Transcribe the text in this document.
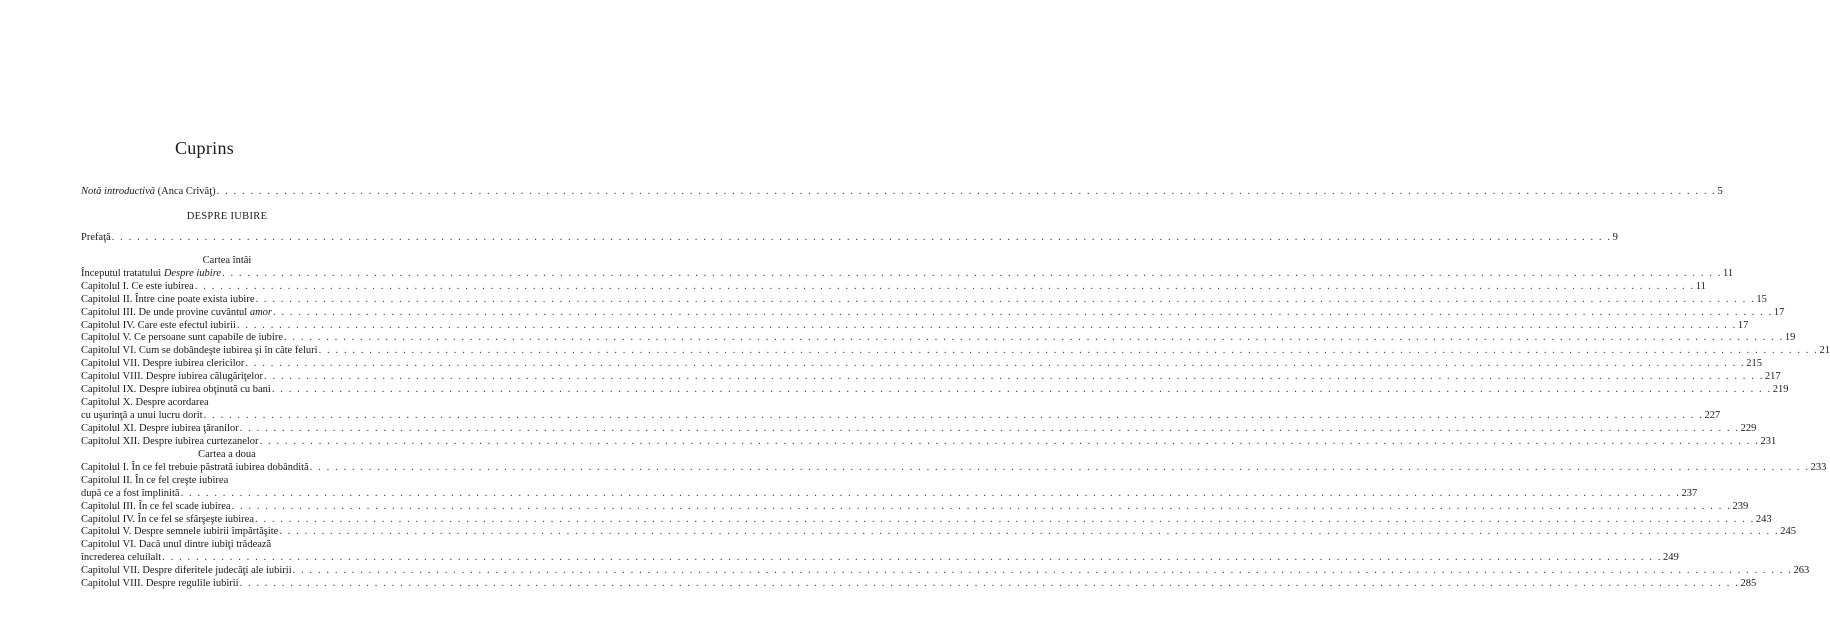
Cuprins
Notă introductivă (Anca Crivăţ) . . .	5
DESPRE IUBIRE
Prefaţă . . .	9
Cartea întâi
Începutul tratatului Despre iubire . . .	11
Capitolul I. Ce este iubirea . . .	11
Capitolul II. Între cine poate exista iubire . . .	15
Capitolul III. De unde provine cuvântul amor . . .	17
Capitolul IV. Care este efectul iubirii . . .	17
Capitolul V. Ce persoane sunt capabile de iubire . . .	19
Capitolul VI. Cum se dobândeşte iubirea şi în câte feluri . . .	21
Capitolul VII. Despre iubirea clericilor . . .	215
Capitolul VIII. Despre iubirea călugăriţelor . . .	217
Capitolul IX. Despre iubirea obţinută cu bani . . .	219
Capitolul X. Despre acordarea
cu uşurinţă a unui lucru dorit . . .	227
Capitolul XI. Despre iubirea ţăranilor . . .	229
Capitolul XII. Despre iubirea curtezanelor . . .	231
Cartea a doua
Capitolul I. În ce fel trebuie păstrată iubirea dobândită . . .	233
Capitolul II. În ce fel creşte iubirea
după ce a fost împlinită . . .	237
Capitolul III. În ce fel scade iubirea . . .	239
Capitolul IV. În ce fel se sfârşeşte iubirea . . .	243
Capitolul V. Despre semnele iubirii împărtăşite . . .	245
Capitolul VI. Dacă unul dintre iubiţi trădează
încrederea celuilalt . . .	249
Capitolul VII. Despre diferitele judecăţi ale iubirii . . .	263
Capitolul VIII. Despre regulile iubirii . . .	285
